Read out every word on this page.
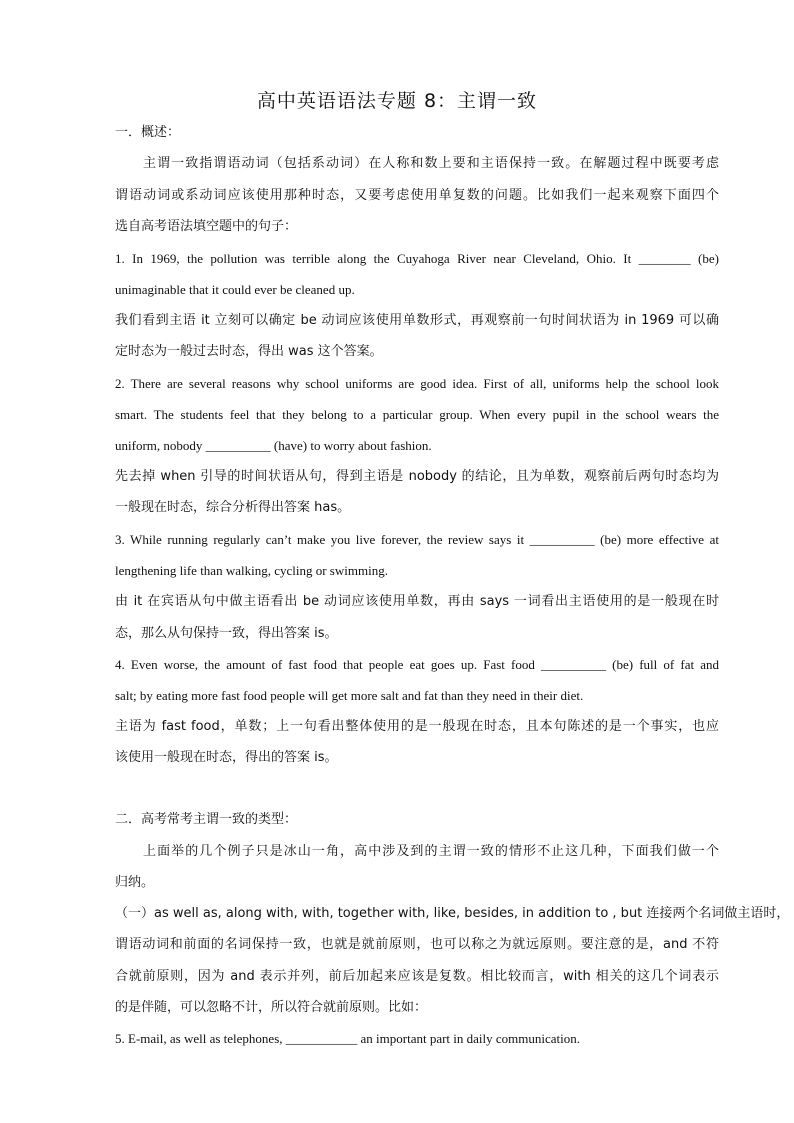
高中英语语法专题 8：主谓一致
一．概述：
主谓一致指谓语动词（包括系动词）在人称和数上要和主语保持一致。在解题过程中既要考虑
谓语动词或系动词应该使用那种时态，又要考虑使用单复数的问题。比如我们一起来观察下面四个
选自高考语法填空题中的句子：
1. In 1969, the pollution was terrible along the Cuyahoga River near Cleveland, Ohio. It ________ (be)
unimaginable that it could ever be cleaned up.
我们看到主语 it 立刻可以确定 be 动词应该使用单数形式，再观察前一句时间状语为 in 1969 可以确
定时态为一般过去时态，得出 was 这个答案。
2. There are several reasons why school uniforms are good idea. First of all, uniforms help the school look
smart. The students feel that they belong to a particular group. When every pupil in the school wears the
uniform, nobody __________ (have) to worry about fashion.
先去掉 when 引导的时间状语从句，得到主语是 nobody 的结论，且为单数，观察前后两句时态均为
一般现在时态，综合分析得出答案 has。
3. While running regularly can’t make you live forever, the review says it __________ (be) more effective at
lengthening life than walking, cycling or swimming.
由 it 在宾语从句中做主语看出 be 动词应该使用单数，再由 says 一词看出主语使用的是一般现在时
态，那么从句保持一致，得出答案 is。
4. Even worse, the amount of fast food that people eat goes up. Fast food __________ (be) full of fat and
salt; by eating more fast food people will get more salt and fat than they need in their diet.
主语为 fast food，单数；上一句看出整体使用的是一般现在时态，且本句陈述的是一个事实，也应
该使用一般现在时态，得出的答案 is。
二．高考常考主谓一致的类型：
上面举的几个例子只是冰山一角，高中涉及到的主谓一致的情形不止这几种，下面我们做一个
归纳。
（一）as well as, along with, with, together with, like, besides, in addition to , but 连接两个名词做主语时，
谓语动词和前面的名词保持一致，也就是就前原则，也可以称之为就远原则。要注意的是，and 不符
合就前原则，因为 and 表示并列，前后加起来应该是复数。相比较而言，with 相关的这几个词表示
的是伴随，可以忽略不计，所以符合就前原则。比如：
5. E-mail, as well as telephones, ___________ an important part in daily communication.
